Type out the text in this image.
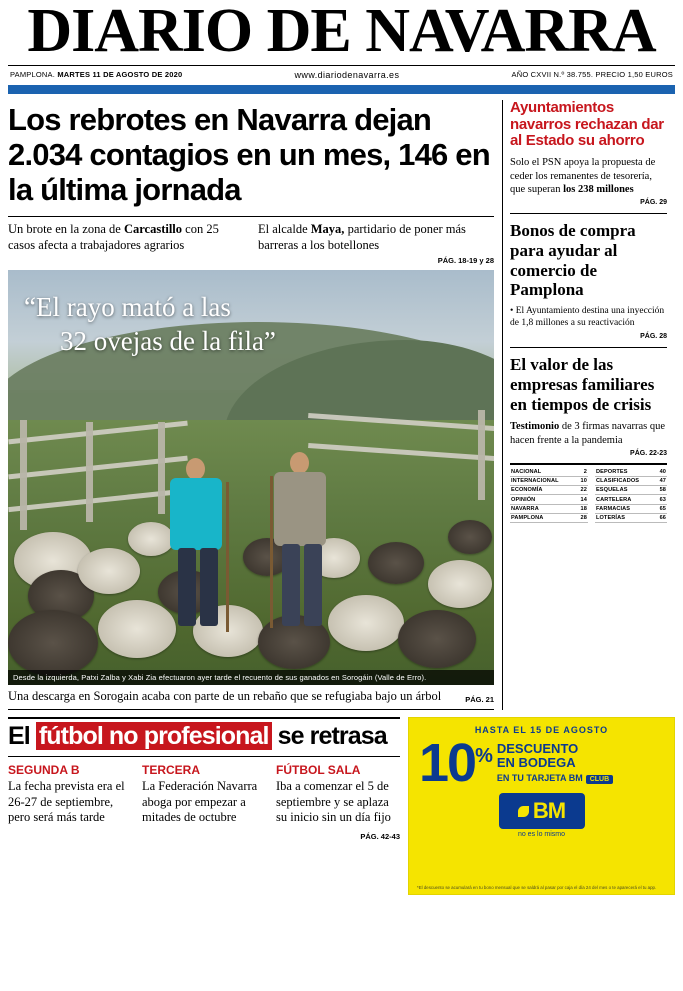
DIARIO DE NAVARRA
PAMPLONA. MARTES 11 DE AGOSTO DE 2020	www.diariodenavarra.es	AÑO CXVII N.º 38.755. PRECIO 1,50 EUROS
Los rebrotes en Navarra dejan 2.034 contagios en un mes, 146 en la última jornada
Un brote en la zona de Carcastillo con 25 casos afecta a trabajadores agrarios
El alcalde Maya, partidario de poner más barreras a los botellones
PÁG. 18-19 y 28
“El rayo mató a las
32 ovejas de la fila”
Desde la izquierda, Patxi Zalba y Xabi Zia efectuaron ayer tarde el recuento de sus ganados en Sorogáin (Valle de Erro).
Una descarga en Sorogain acaba con parte de un rebaño que se refugiaba bajo un árbol	PÁG. 21
Ayuntamientos navarros rechazan dar al Estado su ahorro
Solo el PSN apoya la propuesta de ceder los remanentes de tesorería, que superan los 238 millones
PÁG. 29
Bonos de compra para ayudar al comercio de Pamplona
• El Ayuntamiento destina una inyección de 1,8 millones a su reactivación
PÁG. 28
El valor de las empresas familiares en tiempos de crisis
Testimonio de 3 firmas navarras que hacen frente a la pandemia
PÁG. 22-23
NACIONAL	2		DEPORTES	40
INTERNACIONAL	10		CLASIFICADOS	47
ECONOMÍA	22		ESQUELAS	58
OPINIÓN	14		CARTELERA	63
NAVARRA	18		FARMACIAS	65
PAMPLONA	28		LOTERÍAS	66
El fútbol no profesional se retrasa
SEGUNDA B
La fecha prevista era el 26-27 de septiembre, pero será más tarde
TERCERA
La Federación Navarra aboga por empezar a mitades de octubre
FÚTBOL SALA
Iba a comenzar el 5 de septiembre y se aplaza su inicio sin un día fijo
PÁG. 42-43
HASTA EL 15 DE AGOSTO
10% DESCUENTO
EN BODEGA
EN TU TARJETA BM CLUB
BM
no es lo mismo
*El descuento se acumulará en tu bono mensual que se saldrá al pasar por caja el día 24 del mes o te aparecerá el tu app.
